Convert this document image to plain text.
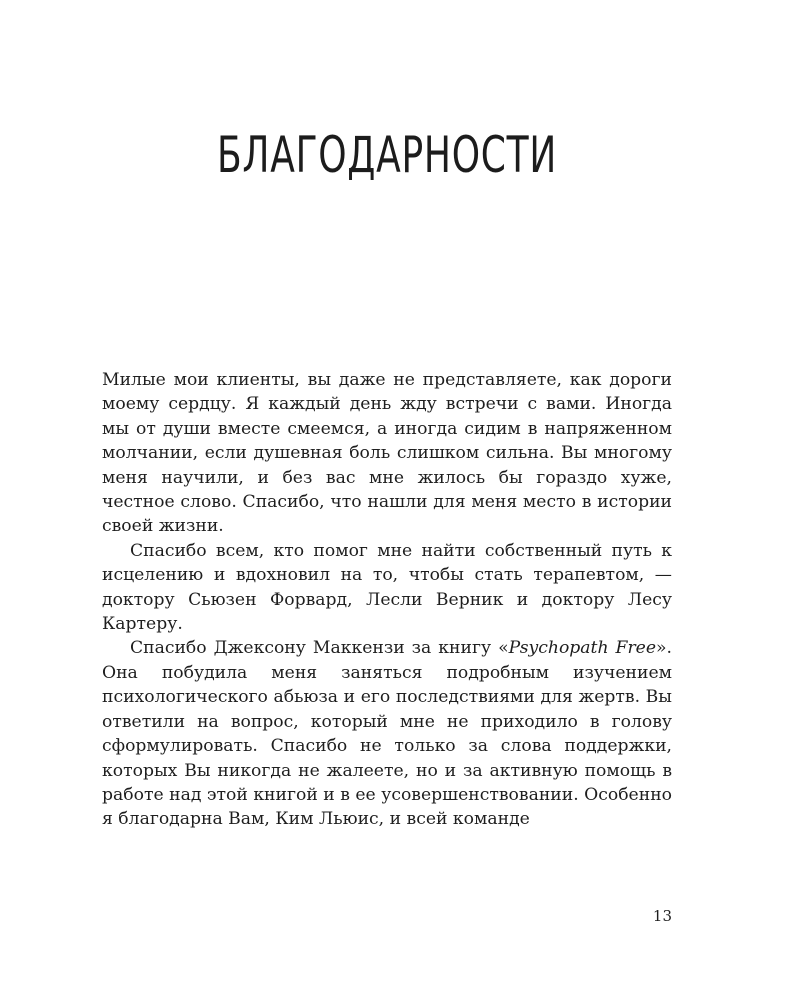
БЛАГОДАРНОСТИ

Милые мои клиенты, вы даже не представляете, как дороги моему сердцу. Я каждый день жду встречи с вами. Иногда мы от души вместе смеемся, а иногда сидим в напряженном молчании, если душевная боль слишком сильна. Вы многому меня научили, и без вас мне жилось бы гораздо хуже, честное слово. Спасибо, что нашли для меня место в истории своей жизни.

Спасибо всем, кто помог мне найти собственный путь к исцелению и вдохновил на то, чтобы стать терапевтом, — доктору Сьюзен Форвард, Лесли Верник и доктору Лесу Картеру.

Спасибо Джексону Маккензи за книгу «Psychopath Free». Она побудила меня заняться подробным изучением психологического абьюза и его последствиями для жертв. Вы ответили на вопрос, который мне не приходило в голову сформулировать. Спасибо не только за слова поддержки, которых Вы никогда не жалеете, но и за активную помощь в работе над этой книгой и в ее усовершенствовании. Особенно я благодарна Вам, Ким Льюис, и всей команде

13
